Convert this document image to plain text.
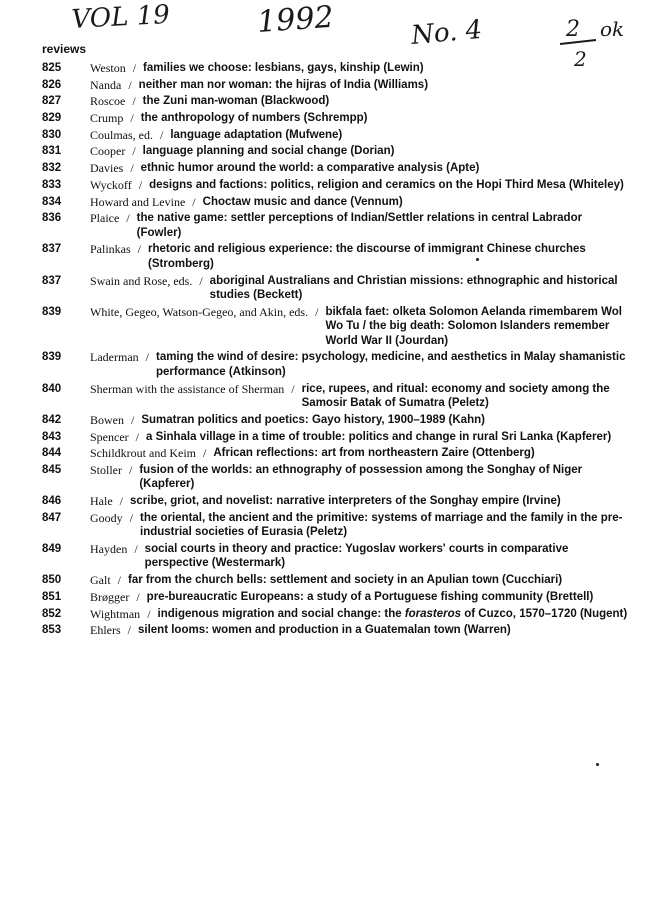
VOL 19	1992	No. 4	2
2
ok
reviews
825	Weston / families we choose: lesbians, gays, kinship (Lewin)
826	Nanda / neither man nor woman: the hijras of India (Williams)
827	Roscoe / the Zuni man-woman (Blackwood)
829	Crump / the anthropology of numbers (Schrempp)
830	Coulmas, ed. / language adaptation (Mufwene)
831	Cooper / language planning and social change (Dorian)
832	Davies / ethnic humor around the world: a comparative analysis (Apte)
833	Wyckoff / designs and factions: politics, religion and ceramics on the Hopi Third Mesa (Whiteley)
834	Howard and Levine / Choctaw music and dance (Vennum)
836	Plaice / the native game: settler perceptions of Indian/Settler relations in central Labrador (Fowler)
837	Palinkas / rhetoric and religious experience: the discourse of immigrant Chinese churches (Stromberg)
837	Swain and Rose, eds. / aboriginal Australians and Christian missions: ethnographic and historical studies (Beckett)
839	White, Gegeo, Watson-Gegeo, and Akin, eds. / bikfala faet: olketa Solomon Aelanda rimembarem Wol Wo Tu / the big death: Solomon Islanders remember World War II (Jourdan)
839	Laderman / taming the wind of desire: psychology, medicine, and aesthetics in Malay shamanistic performance (Atkinson)
840	Sherman with the assistance of Sherman / rice, rupees, and ritual: economy and society among the Samosir Batak of Sumatra (Peletz)
842	Bowen / Sumatran politics and poetics: Gayo history, 1900–1989 (Kahn)
843	Spencer / a Sinhala village in a time of trouble: politics and change in rural Sri Lanka (Kapferer)
844	Schildkrout and Keim / African reflections: art from northeastern Zaire (Ottenberg)
845	Stoller / fusion of the worlds: an ethnography of possession among the Songhay of Niger (Kapferer)
846	Hale / scribe, griot, and novelist: narrative interpreters of the Songhay empire (Irvine)
847	Goody / the oriental, the ancient and the primitive: systems of marriage and the family in the pre-industrial societies of Eurasia (Peletz)
849	Hayden / social courts in theory and practice: Yugoslav workers' courts in comparative perspective (Westermark)
850	Galt / far from the church bells: settlement and society in an Apulian town (Cucchiari)
851	Brøgger / pre-bureaucratic Europeans: a study of a Portuguese fishing community (Brettell)
852	Wightman / indigenous migration and social change: the forasteros of Cuzco, 1570–1720 (Nugent)
853	Ehlers / silent looms: women and production in a Guatemalan town (Warren)
